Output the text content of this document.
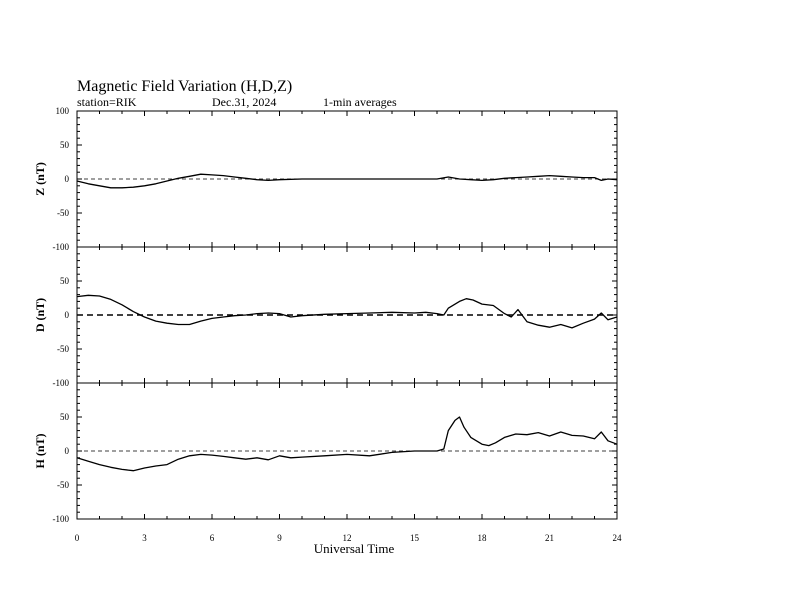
Magnetic Field Variation (H,D,Z)
station=RIK	Dec.31, 2024	1-min averages
-100
-50
0
50
100
Z (nT)
-100
-50
0
50
D (nT)
-100
-50
0
50
H (nT)
0	3	6	9	12	15	18	21	24
Universal Time
